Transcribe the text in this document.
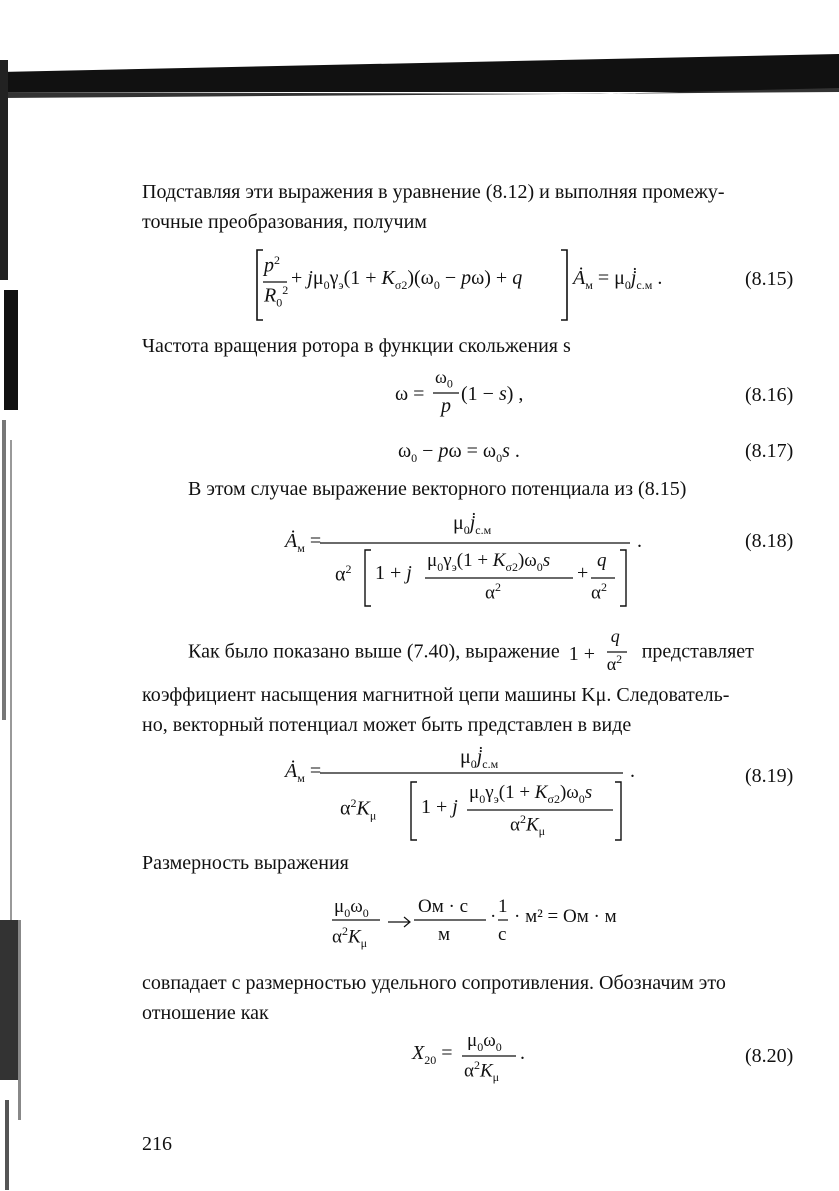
Подставляя эти выражения в уравнение (8.12) и выполняя промежу-
точные преобразования, получим
$p^2$
$R_0^2$
+ $j\mu_0\gamma_э(1 + K_{\sigma 2})(\omega_0 - p\omega) + q$	$Ȧ_м$ = $\mu_0j̇_{с.м}$ .	(8.15)
Частота вращения ротора в функции скольжения s
ω =
$\omega_0$
p
(1 − s) ,	(8.16)
$\omega_0 - p\omega = \omega_0s$ .	(8.17)
В этом случае выражение векторного потенциала из (8.15)
$Ȧ_м$ =
$\mu_0j̇_{с.м}$
$\alpha^2$ 1 + j
$\mu_0\gamma_э(1 + K_{\sigma 2})\omega_0s$
$\alpha^2$
+
q
$\alpha^2$
.	(8.18)
Как было показано выше (7.40), выражение 1 +
q
$\alpha^2$ представляет
коэффициент насыщения магнитной цепи машины Kμ. Следователь-
но, векторный потенциал может быть представлен в виде
$Ȧ_м$ =
$\mu_0j̇_{с.м}$
$\alpha^2K_\mu$ 1 + j
$\mu_0\gamma_э(1 + K_{\sigma 2})\omega_0s$
$\alpha^2K_\mu$
.	(8.19)
Размерность выражения
$\mu_0\omega_0$
$\alpha^2K_\mu$
Ом · с
м
· 1
с
· м² = Ом · м
совпадает с размерностью удельного сопротивления. Обозначим это
отношение как
$X_{20}$ =
$\mu_0\omega_0$
$\alpha^2K_\mu$
.	(8.20)
216
